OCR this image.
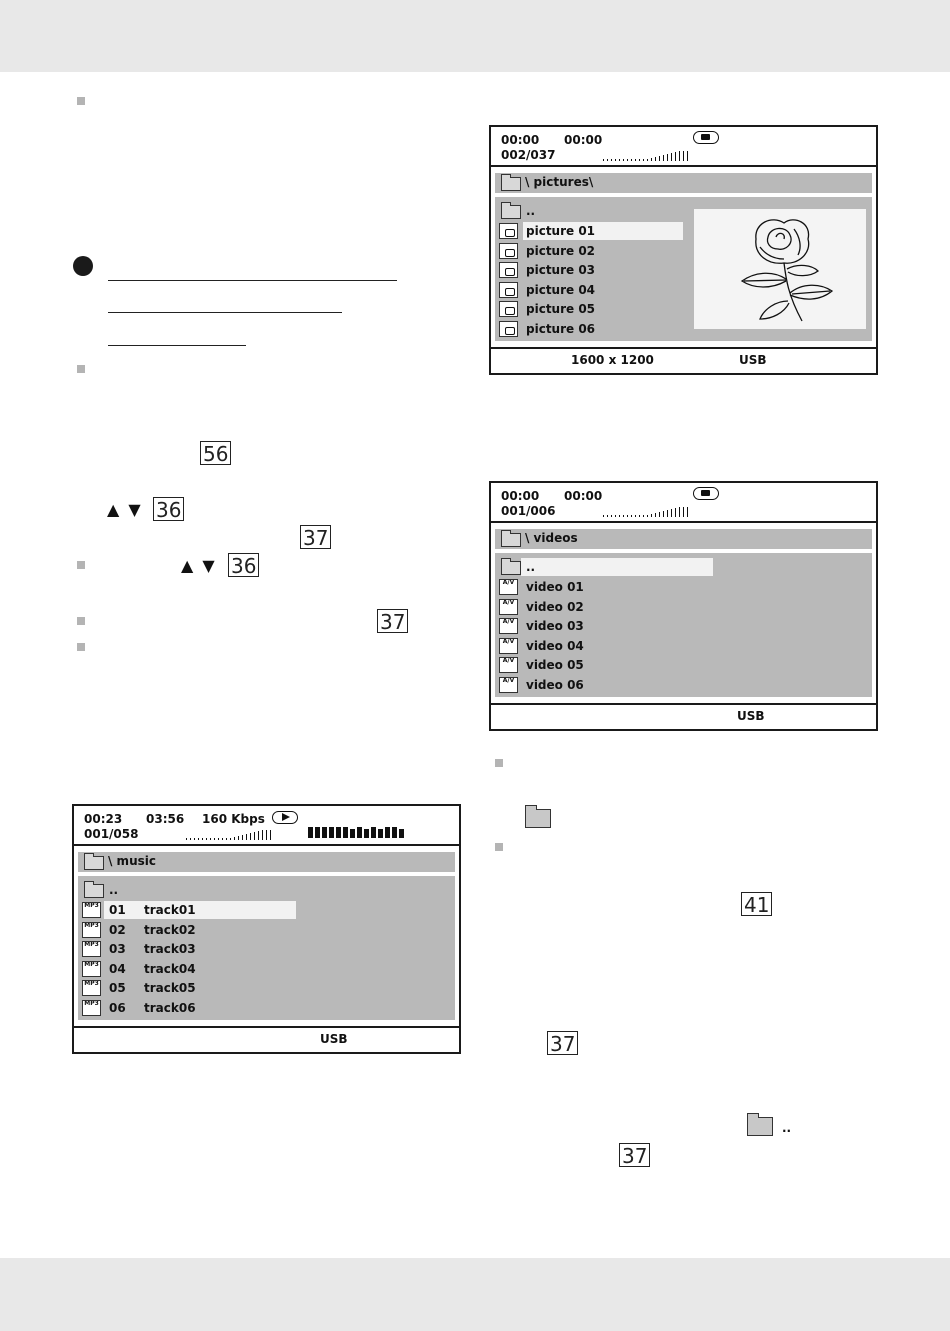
56
▲ ▼ 36
37
▲ ▼ 36
37
41
37
..
37
00:00 00:00
002/037
\ pictures\
..
picture 01
picture 02
picture 03
picture 04
picture 05
picture 06
1600 x 1200	USB
00:00 00:00
001/006
\ videos
..
A/V video 01
A/V video 02
A/V video 03
A/V video 04
A/V video 05
A/V video 06
USB
00:23 03:56 160 Kbps
001/058
\ music
..
MP3 01 track01
MP3 02 track02
MP3 03 track03
MP3 04 track04
MP3 05 track05
MP3 06 track06
USB
